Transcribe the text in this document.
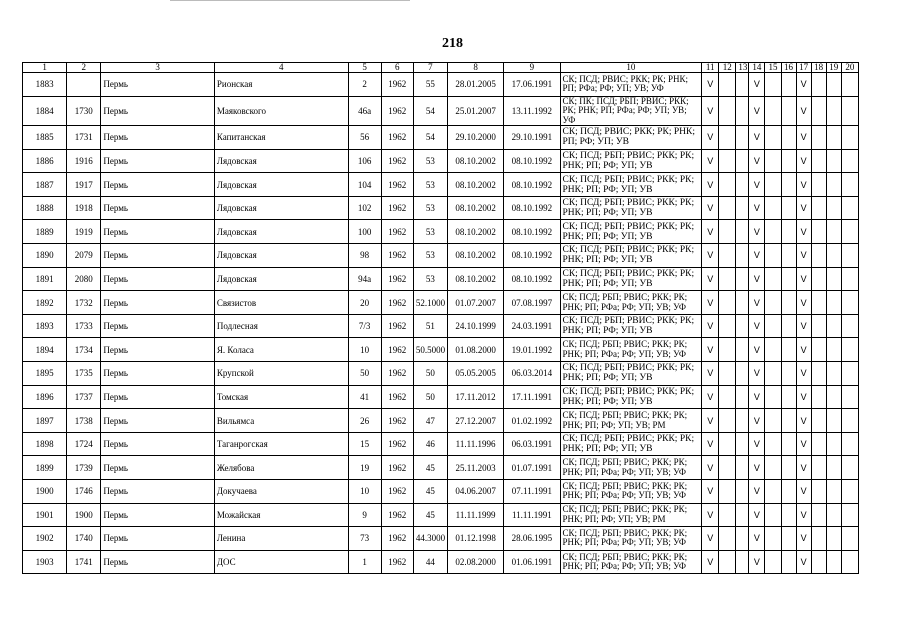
218
1	2	3	4	5	6	7	8	9	10	11	12	13	14	15	16	17	18	19	20
1883		Пермь	Рионская	2	1962	55	28.01.2005	17.06.1991	СК; ПСД; РВИС; РКК; РК; РНК; РП; РФа; РФ; УП; УВ; УФ	V			V			V			
1884	1730	Пермь	Маяковского	46а	1962	54	25.01.2007	13.11.1992	СК; ПК; ПСД; РБП; РВИС; РКК; РК; РНК; РП; РФа; РФ; УП; УВ; УФ	V			V			V			
1885	1731	Пермь	Капитанская	56	1962	54	29.10.2000	29.10.1991	СК; ПСД; РВИС; РКК; РК; РНК; РП; РФ; УП; УВ	V			V			V			
1886	1916	Пермь	Лядовская	106	1962	53	08.10.2002	08.10.1992	СК; ПСД; РБП; РВИС; РКК; РК; РНК; РП; РФ; УП; УВ	V			V			V			
1887	1917	Пермь	Лядовская	104	1962	53	08.10.2002	08.10.1992	СК; ПСД; РБП; РВИС; РКК; РК; РНК; РП; РФ; УП; УВ	V			V			V			
1888	1918	Пермь	Лядовская	102	1962	53	08.10.2002	08.10.1992	СК; ПСД; РБП; РВИС; РКК; РК; РНК; РП; РФ; УП; УВ	V			V			V			
1889	1919	Пермь	Лядовская	100	1962	53	08.10.2002	08.10.1992	СК; ПСД; РБП; РВИС; РКК; РК; РНК; РП; РФ; УП; УВ	V			V			V			
1890	2079	Пермь	Лядовская	98	1962	53	08.10.2002	08.10.1992	СК; ПСД; РБП; РВИС; РКК; РК; РНК; РП; РФ; УП; УВ	V			V			V			
1891	2080	Пермь	Лядовская	94а	1962	53	08.10.2002	08.10.1992	СК; ПСД; РБП; РВИС; РКК; РК; РНК; РП; РФ; УП; УВ	V			V			V			
1892	1732	Пермь	Связистов	20	1962	52.1000	01.07.2007	07.08.1997	СК; ПСД; РБП; РВИС; РКК; РК; РНК; РП; РФа; РФ; УП; УВ; УФ	V			V			V			
1893	1733	Пермь	Подлесная	7/3	1962	51	24.10.1999	24.03.1991	СК; ПСД; РБП; РВИС; РКК; РК; РНК; РП; РФ; УП; УВ	V			V			V			
1894	1734	Пермь	Я. Коласа	10	1962	50.5000	01.08.2000	19.01.1992	СК; ПСД; РБП; РВИС; РКК; РК; РНК; РП; РФа; РФ; УП; УВ; УФ	V			V			V			
1895	1735	Пермь	Крупской	50	1962	50	05.05.2005	06.03.2014	СК; ПСД; РБП; РВИС; РКК; РК; РНК; РП; РФ; УП; УВ	V			V			V			
1896	1737	Пермь	Томская	41	1962	50	17.11.2012	17.11.1991	СК; ПСД; РБП; РВИС; РКК; РК; РНК; РП; РФ; УП; УВ	V			V			V			
1897	1738	Пермь	Вильямса	26	1962	47	27.12.2007	01.02.1992	СК; ПСД; РБП; РВИС; РКК; РК; РНК; РП; РФ; УП; УВ; РМ	V			V			V			
1898	1724	Пермь	Таганрогская	15	1962	46	11.11.1996	06.03.1991	СК; ПСД; РБП; РВИС; РКК; РК; РНК; РП; РФ; УП; УВ	V			V			V			
1899	1739	Пермь	Желябова	19	1962	45	25.11.2003	01.07.1991	СК; ПСД; РБП; РВИС; РКК; РК; РНК; РП; РФа; РФ; УП; УВ; УФ	V			V			V			
1900	1746	Пермь	Докучаева	10	1962	45	04.06.2007	07.11.1991	СК; ПСД; РБП; РВИС; РКК; РК; РНК; РП; РФа; РФ; УП; УВ; УФ	V			V			V			
1901	1900	Пермь	Можайская	9	1962	45	11.11.1999	11.11.1991	СК; ПСД; РБП; РВИС; РКК; РК; РНК; РП; РФ; УП; УВ; РМ	V			V			V			
1902	1740	Пермь	Ленина	73	1962	44.3000	01.12.1998	28.06.1995	СК; ПСД; РБП; РВИС; РКК; РК; РНК; РП; РФа; РФ; УП; УВ; УФ	V			V			V			
1903	1741	Пермь	ДОС	1	1962	44	02.08.2000	01.06.1991	СК; ПСД; РБП; РВИС; РКК; РК; РНК; РП; РФа; РФ; УП; УВ; УФ	V			V			V			
